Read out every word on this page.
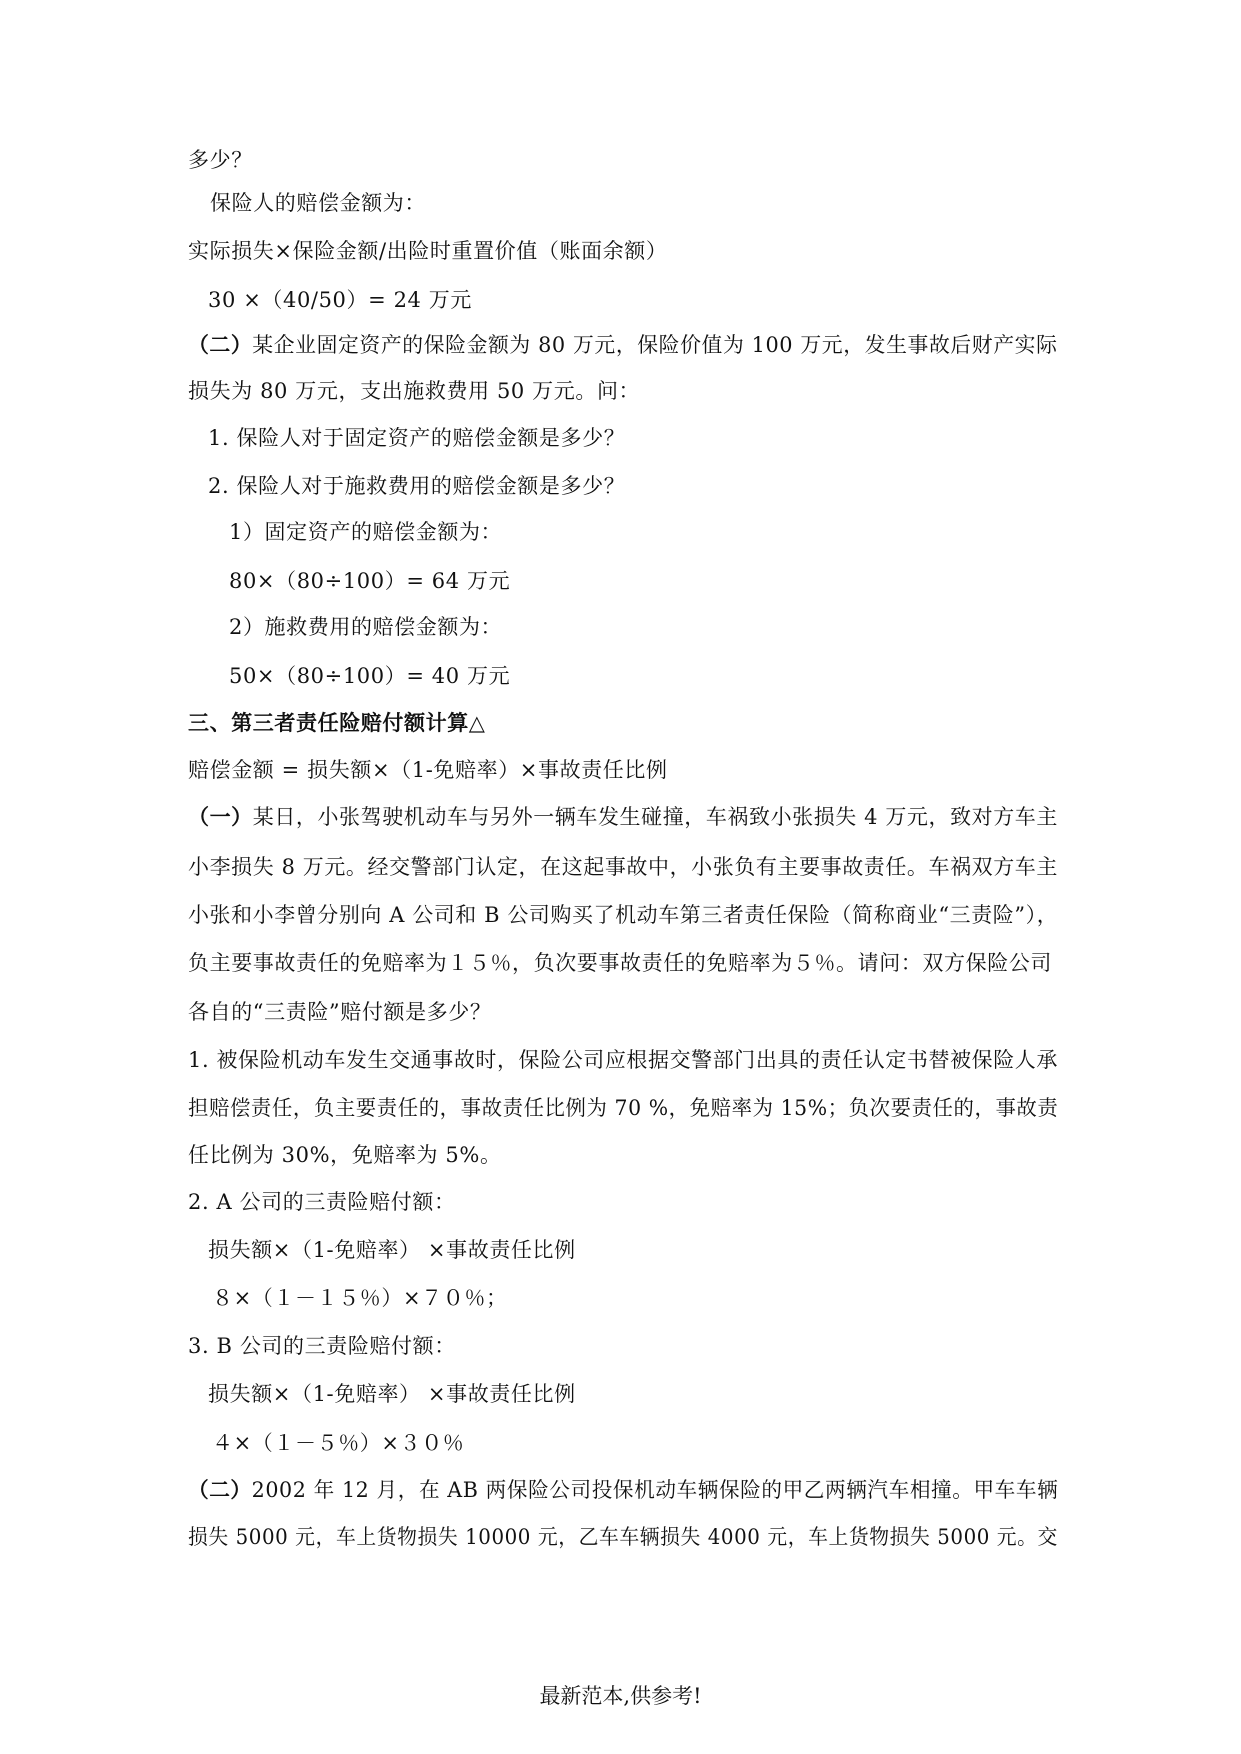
多少？
保险人的赔偿金额为：
实际损失×保险金额/出险时重置价值（账面余额）
30 ×（40/50）= 24 万元
（二）某企业固定资产的保险金额为 80 万元，保险价值为 100 万元，发生事故后财产实际
损失为 80 万元，支出施救费用 50 万元。问：
1. 保险人对于固定资产的赔偿金额是多少？
2. 保险人对于施救费用的赔偿金额是多少？
1）固定资产的赔偿金额为：
80×（80÷100）= 64 万元
2）施救费用的赔偿金额为：
50×（80÷100）= 40 万元
三、第三者责任险赔付额计算△
赔偿金额 = 损失额×（1-免赔率）×事故责任比例
（一）某日，小张驾驶机动车与另外一辆车发生碰撞，车祸致小张损失 4 万元，致对方车主
小李损失 8 万元。经交警部门认定，在这起事故中，小张负有主要事故责任。车祸双方车主
小张和小李曾分别向 A 公司和 B 公司购买了机动车第三者责任保险（简称商业“三责险”），
负主要事故责任的免赔率为１５％，负次要事故责任的免赔率为５％。请问：双方保险公司
各自的“三责险”赔付额是多少？
1. 被保险机动车发生交通事故时，保险公司应根据交警部门出具的责任认定书替被保险人承
担赔偿责任，负主要责任的，事故责任比例为 70 %，免赔率为 15%；负次要责任的，事故责
任比例为 30%，免赔率为 5%。
2. A 公司的三责险赔付额：
损失额×（1-免赔率） ×事故责任比例
８×（１－１５％）×７０％；
3. B 公司的三责险赔付额：
损失额×（1-免赔率） ×事故责任比例
４×（１－５％）×３０％
（二）2002 年 12 月，在 AB 两保险公司投保机动车辆保险的甲乙两辆汽车相撞。甲车车辆
损失 5000 元，车上货物损失 10000 元，乙车车辆损失 4000 元，车上货物损失 5000 元。交
最新范本,供参考!
